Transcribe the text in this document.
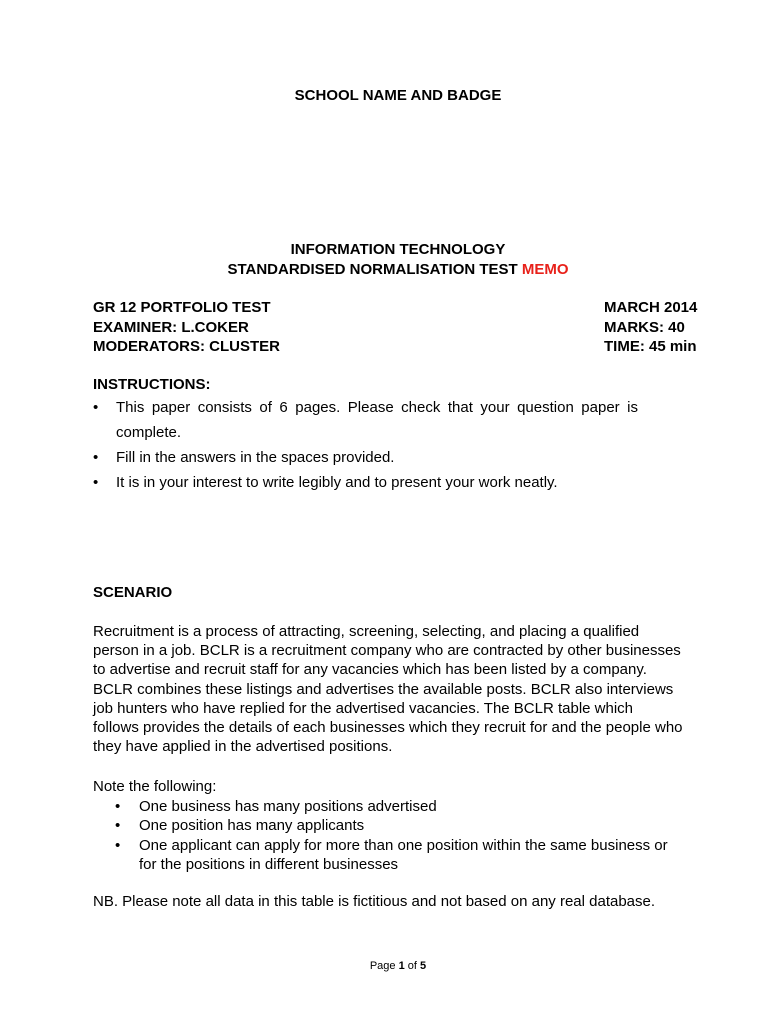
SCHOOL NAME AND BADGE
INFORMATION TECHNOLOGY
STANDARDISED NORMALISATION TEST MEMO
GR 12 PORTFOLIO TEST	MARCH 2014
EXAMINER: L.COKER	MARKS: 40
MODERATORS: CLUSTER	TIME: 45 min
INSTRUCTIONS:
• This paper consists of 6 pages. Please check that your question paper is complete.
• Fill in the answers in the spaces provided.
• It is in your interest to write legibly and to present your work neatly.
SCENARIO
Recruitment is a process of attracting, screening, selecting, and placing a qualified
person in a job. BCLR is a recruitment company who are contracted by other businesses
to advertise and recruit staff for any vacancies which has been listed by a company.
BCLR combines these listings and advertises the available posts. BCLR also interviews
job hunters who have replied for the advertised vacancies. The BCLR table which
follows provides the details of each businesses which they recruit for and the people who
they have applied in the advertised positions.
Note the following:
• One business has many positions advertised
• One position has many applicants
• One applicant can apply for more than one position within the same business or
for the positions in different businesses
NB. Please note all data in this table is fictitious and not based on any real database.
Page 1 of 5
